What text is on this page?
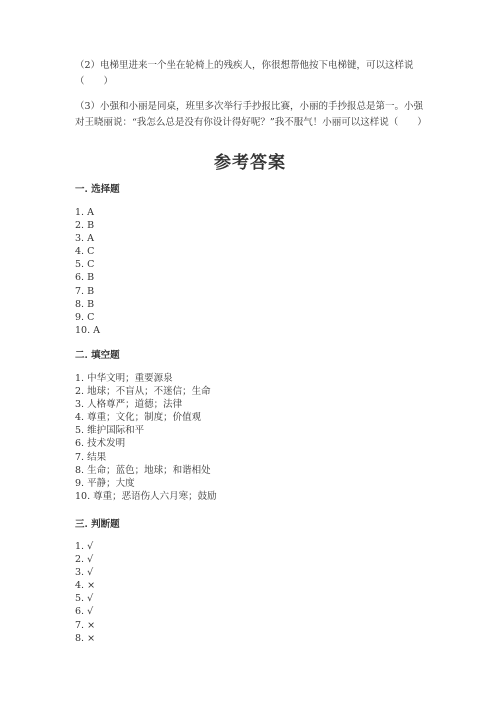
（2）电梯里进来一个坐在轮椅上的残疾人，你很想帮他按下电梯键，可以这样说（　　）
（3）小强和小丽是同桌，班里多次举行手抄报比赛，小丽的手抄报总是第一。小强对王晓丽说：“我怎么总是没有你设计得好呢？”我不服气！小丽可以这样说（　　）
参考答案
一. 选择题
1. A
2. B
3. A
4. C
5. C
6. B
7. B
8. B
9. C
10. A
二. 填空题
1. 中华文明；重要源泉
2. 地球；不盲从；不迷信；生命
3. 人格尊严；道德；法律
4. 尊重；文化；制度；价值观
5. 维护国际和平
6. 技术发明
7. 结果
8. 生命；蓝色；地球；和谐相处
9. 平静；大度
10. 尊重；恶语伤人六月寒；鼓励
三. 判断题
1. √
2. √
3. √
4. ×
5. √
6. √
7. ×
8. ×
